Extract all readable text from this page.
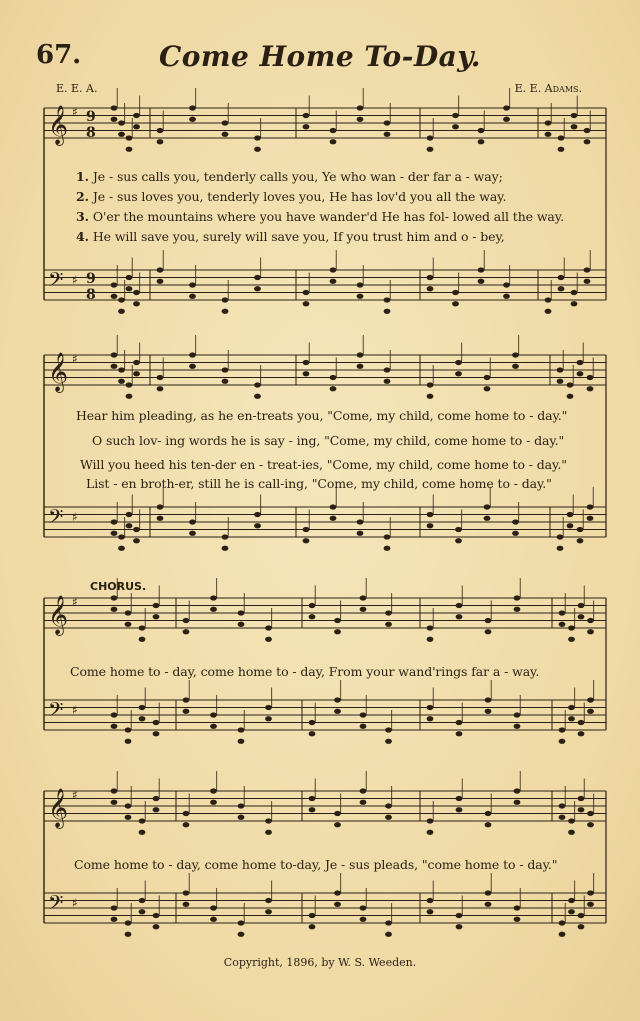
𝄞 ♯
𝄢 ♯
𝄞 ♯
𝄢 ♯
𝄞 ♯
𝄢 ♯
𝄞 ♯
𝄢 ♯
9
8
9
8
67.	Come Home To-Day.
E. E. A.	E. E. Adams.
1. Je - sus calls you, tenderly calls you, Ye who wan - der far a - way;
2. Je - sus loves you, tenderly loves you, He has lov'd you all the way.
3. O'er the mountains where you have wander'd He has fol- lowed all the way.
4. He will save you, surely will save you, If you trust him and o - bey,
Hear him pleading, as he en-treats you, "Come, my child, come home to - day."
O such lov- ing words he is say - ing, "Come, my child, come home to - day."
Will you heed his ten-der en - treat-ies, "Come, my child, come home to - day."
List - en broth-er, still he is call-ing, "Come, my child, come home to - day."
CHORUS.
Come home to - day, come home to - day, From your wand'rings far a - way.
Come home to - day, come home to-day, Je - sus pleads, "come home to - day."
Copyright, 1896, by W. S. Weeden.
